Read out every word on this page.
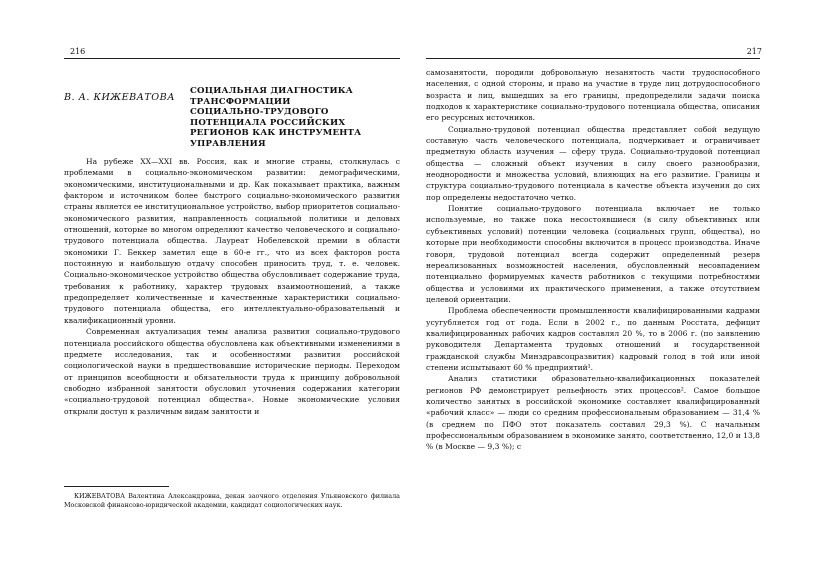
216
В. А. КИЖЕВАТОВА
СОЦИАЛЬНАЯ ДИАГНОСТИКА
ТРАНСФОРМАЦИИ
СОЦИАЛЬНО-ТРУДОВОГО
ПОТЕНЦИАЛА РОССИЙСКИХ
РЕГИОНОВ КАК ИНСТРУМЕНТА
УПРАВЛЕНИЯ

На рубеже ХХ—ХХI вв. Россия, как и многие страны, столкнулась с проблемами в социально-экономическом развитии: демографическими, экономическими, институциональными и др. Как показывает практика, важным фактором и источником более быстрого социально-экономического развития страны является ее институциональное устройство, выбор приоритетов социально-экономического развития, направленность социальной политики и деловых отношений, которые во многом определяют качество человеческого и социально-трудового потенциала общества. Лауреат Нобелевской премии в области экономики Г. Беккер заметил еще в 60-е гг., что из всех факторов роста постоянную и наибольшую отдачу способен приносить труд, т. е. человек. Социально-экономическое устройство общества обусловливает содержание труда, требования к работнику, характер трудовых взаимоотношений, а также предопределяет количественные и качественные характеристики социально-трудового потенциала общества, его интеллектуально-образовательный и квалификационный уровни.

Современная актуализация темы анализа развития социально-трудового потенциала российского общества обусловлена как объективными изменениями в предмете исследования, так и особенностями развития российской социологической науки в предшествовавшие исторические периоды. Переходом от принципов всеобщности и обязательности труда к принципу добровольной свободно избранной занятости обусловил уточнения содержания категории «социально-трудовой потенциал общества». Новые экономические условия открыли доступ к различным видам занятости и

КИЖЕВАТОВА Валентина Александровна, декан заочного отделения Ульяновского филиала Московской финансово-юридической академии, кандидат социологических наук.
217

самозанятости, породили добровольную незанятость части трудоспособного населения, с одной стороны, и право на участие в труде лиц дотрудоспособного возраста и лиц, вышедших за его границы, предопределили задачи поиска подходов к характеристике социально-трудового потенциала общества, описания его ресурсных источников.

Социально-трудовой потенциал общества представляет собой ведущую составную часть человеческого потенциала, подчеркивает и ограничивает предметную область изучения — сферу труда. Социально-трудовой потенциал общества — сложный объект изучения в силу своего разнообразия, неоднородности и множества условий, влияющих на его развитие. Границы и структура социально-трудового потенциала в качестве объекта изучения до сих пор определены недостаточно четко.

Понятие социально-трудового потенциала включает не только используемые, но также пока несостоявшиеся (в силу объективных или субъективных условий) потенции человека (социальных групп, общества), но которые при необходимости способны включится в процесс производства. Иначе говоря, трудовой потенциал всегда содержит определенный резерв нереализованных возможностей населения, обусловленный несовпадением потенциально формируемых качеств работников с текущими потребностями общества и условиями их практического применения, а также отсутствием целевой ориентации.

Проблема обеспеченности промышленности квалифицированными кадрами усугубляется год от года. Если в 2002 г., по данным Росстата, дефицит квалифицированных рабочих кадров составлял 20 %, то в 2006 г. (по заявлению руководителя Департамента трудовых отношений и государственной гражданской службы Минздравсоцразвития) кадровый голод в той или иной степени испытывают 60 % предприятий¹.

Анализ статистики образовательно-квалификационных показателей регионов РФ демонстрирует рельефность этих процессов². Самое большое количество занятых в российской экономике составляет квалифицированный «рабочий класс» — люди со средним профессиональным образованием — 31,4 % (в среднем по ПФО этот показатель составил 29,3 %). С начальным профессиональным образованием в экономике занято, соответственно, 12,0 и 13,8 % (в Москве — 9,3 %); с
